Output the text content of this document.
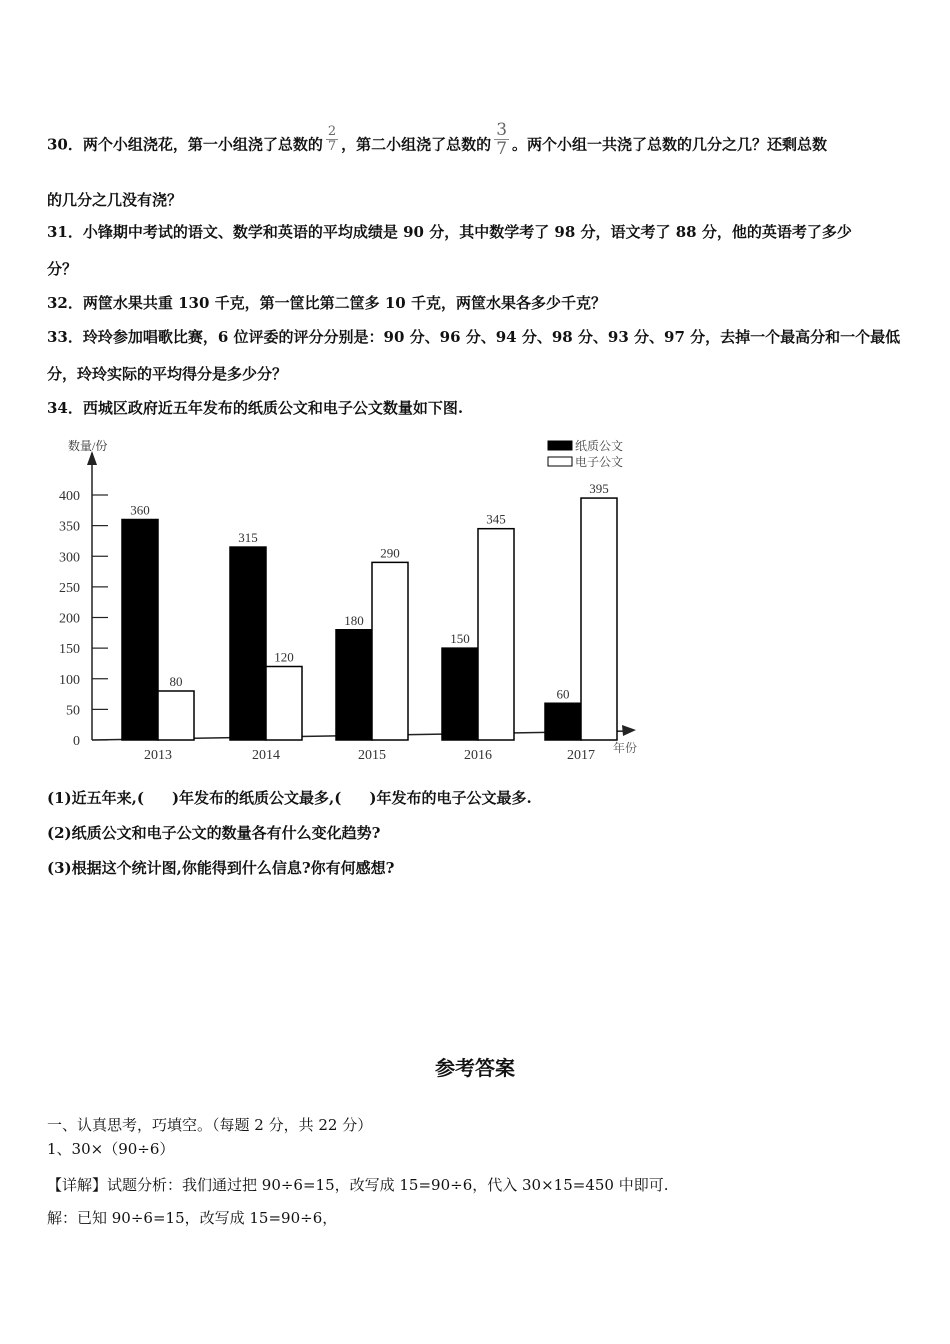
30．两个小组浇花，第一小组浇了总数的 $\frac{2}{7}$ ，第二小组浇了总数的 $\frac{3}{7}$ 。两个小组一共浇了总数的几分之几？还剩总数
的几分之几没有浇？
31．小锋期中考试的语文、数学和英语的平均成绩是 90 分，其中数学考了 98 分，语文考了 88 分，他的英语考了多少
分？
32．两筐水果共重 130 千克，第一筐比第二筐多 10 千克，两筐水果各多少千克？
33．玲玲参加唱歌比赛，6 位评委的评分分别是：90 分、96 分、94 分、98 分、93 分、97 分，去掉一个最高分和一个最低
分，玲玲实际的平均得分是多少分？
34．西城区政府近五年发布的纸质公文和电子公文数量如下图.
数量/份
年份
0
50
100
150
200
250
300
350
400
360
80
2013
315
120
2014
180
290
2015
150
345
2016
60
395
2017
纸质公文
电子公文
(1)近五年来,( )年发布的纸质公文最多,( )年发布的电子公文最多.
(2)纸质公文和电子公文的数量各有什么变化趋势?
(3)根据这个统计图,你能得到什么信息?你有何感想?
参考答案
一、认真思考，巧填空。（每题 2 分，共 22 分）
1、30×（90÷6）
【详解】试题分析：我们通过把 90÷6=15，改写成 15=90÷6，代入 30×15=450 中即可.
解：已知 90÷6=15，改写成 15=90÷6，
